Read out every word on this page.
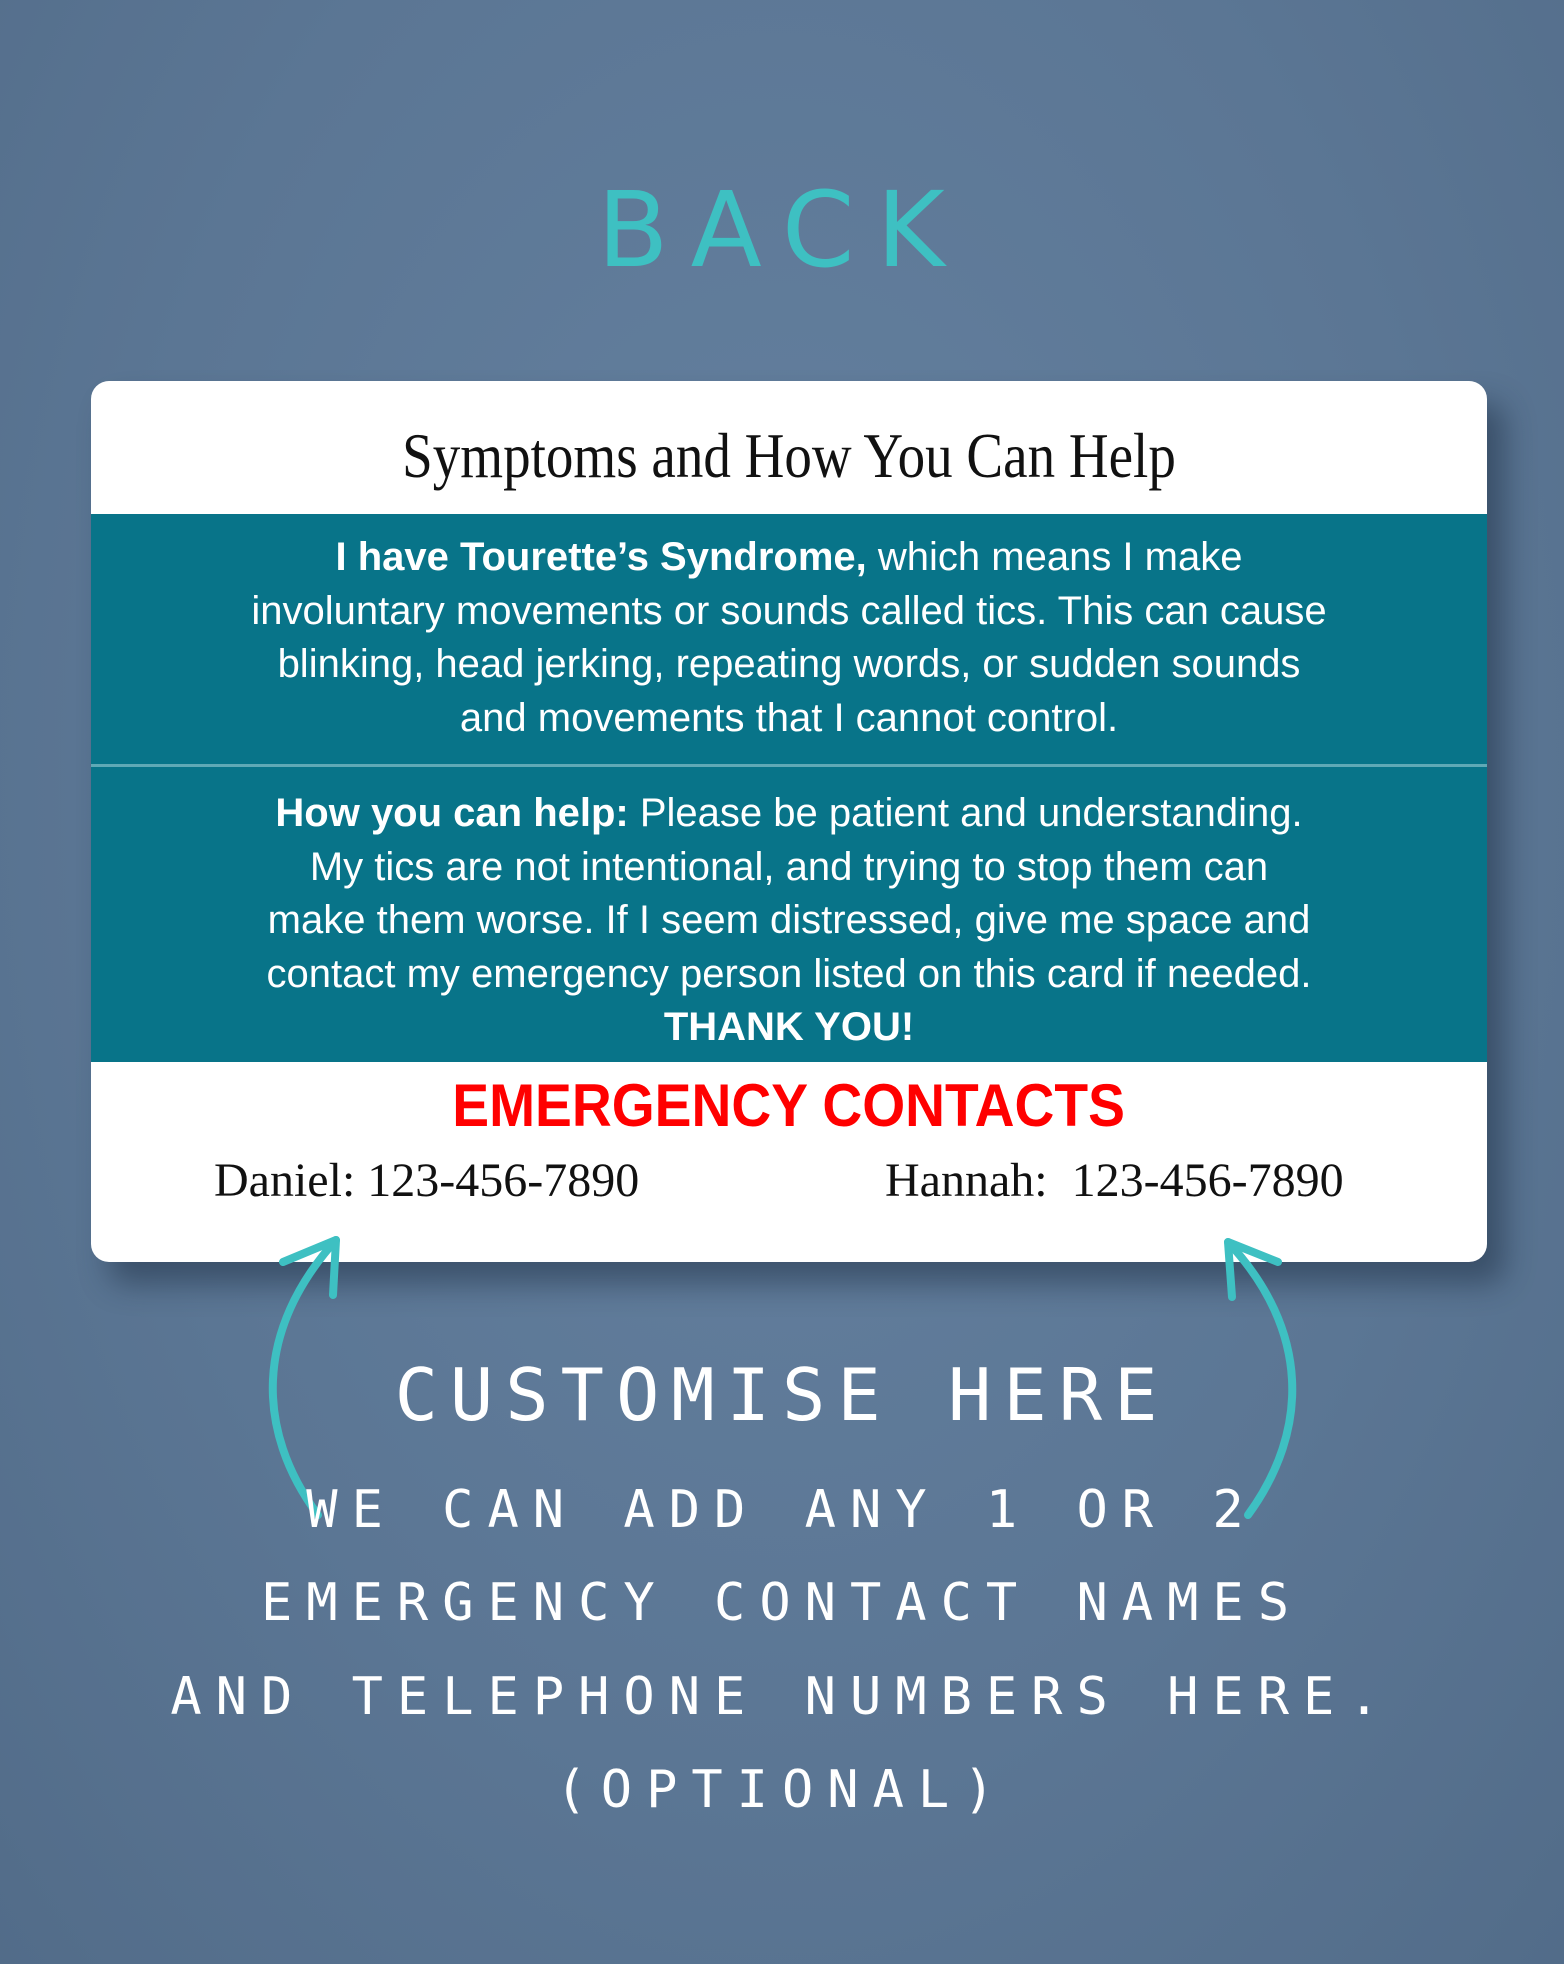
BACK
Symptoms and How You Can Help
I have Tourette’s Syndrome, which means I make
involuntary movements or sounds called tics. This can cause
blinking, head jerking, repeating words, or sudden sounds
and movements that I cannot control.
How you can help: Please be patient and understanding.
My tics are not intentional, and trying to stop them can
make them worse. If I seem distressed, give me space and
contact my emergency person listed on this card if needed.
THANK YOU!
EMERGENCY CONTACTS
Daniel: 123-456-7890	Hannah: 123-456-7890
CUSTOMISE HERE
WE CAN ADD ANY 1 OR 2
EMERGENCY CONTACT NAMES
AND TELEPHONE NUMBERS HERE.
(OPTIONAL)
